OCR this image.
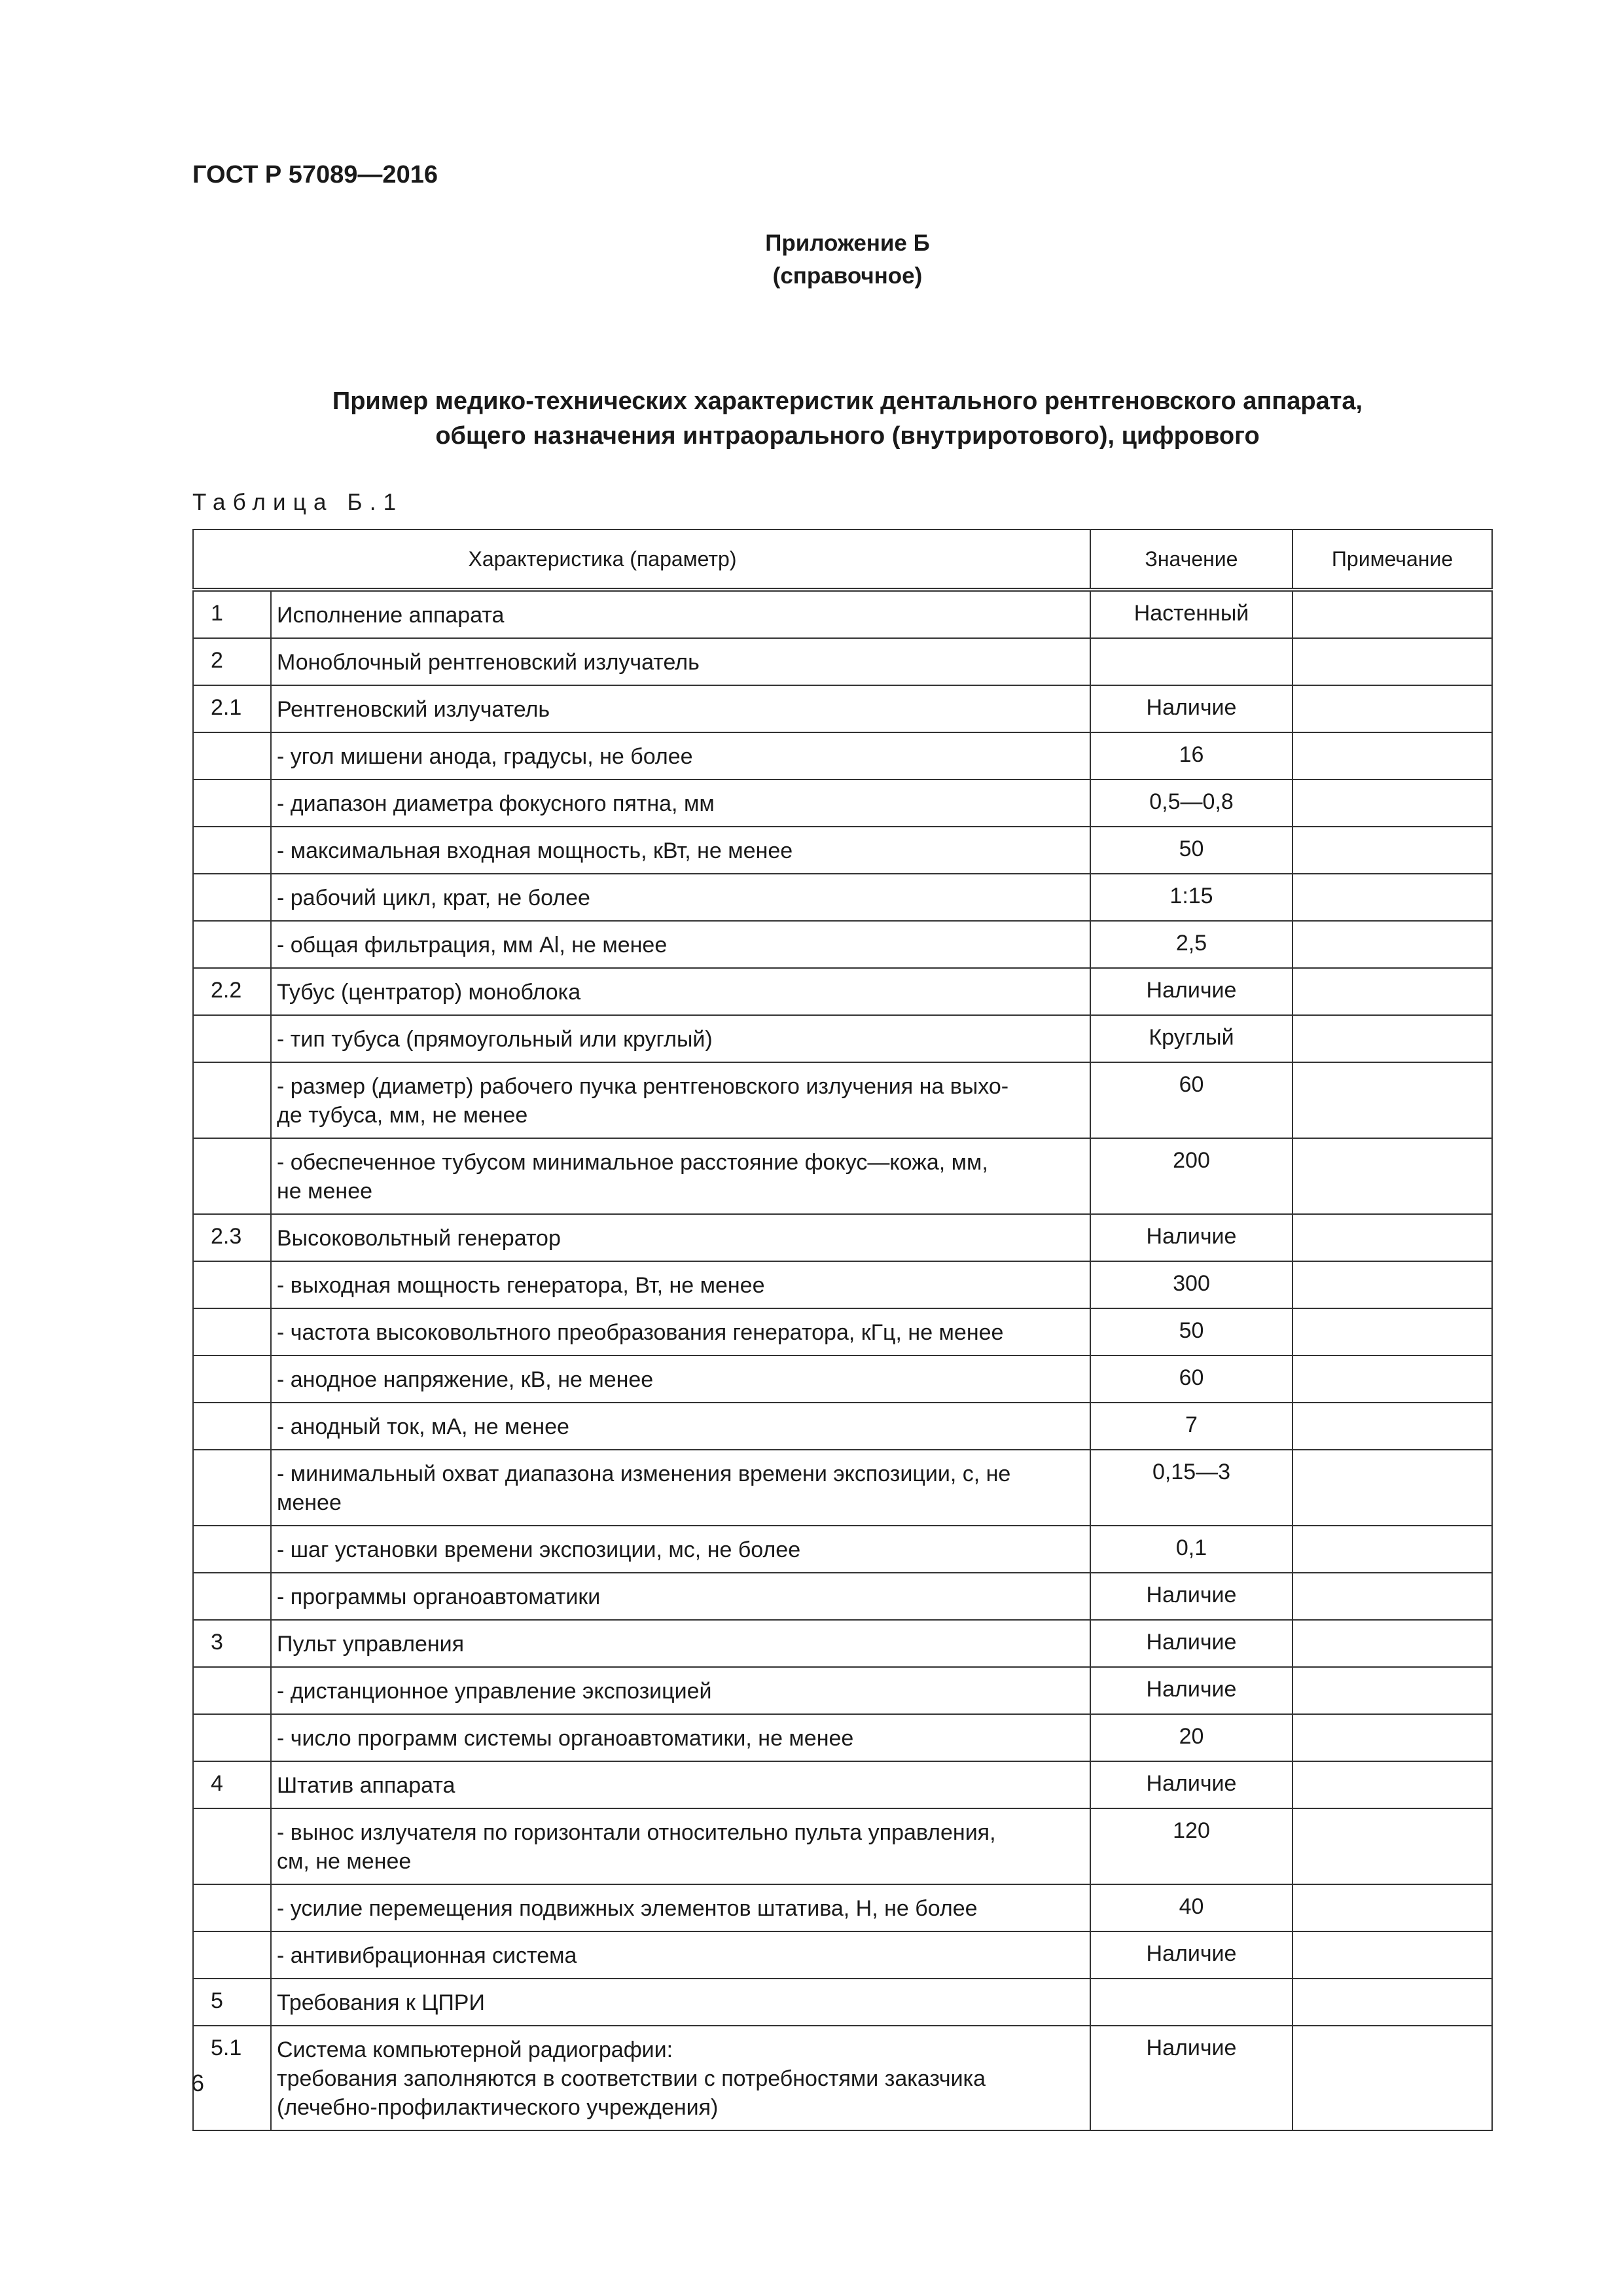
ГОСТ Р 57089—2016
Приложение Б
(справочное)
Пример медико-технических характеристик дентального рентгеновского аппарата,
общего назначения интраорального (внутриротового), цифрового
Таблица Б.1
Характеристика (параметр)		Значение	Примечание
1	Исполнение аппарата	Настенный	
2	Моноблочный рентгеновский излучатель		

2.1	Рентгеновский излучатель	Наличие	

	- угол мишени анода, градусы, не более	16	

	- диапазон диаметра фокусного пятна, мм	0,5—0,8	

	- максимальная входная мощность, кВт, не менее	50	

	- рабочий цикл, крат, не более	1:15	

	- общая фильтрация, мм Al, не менее	2,5	
2.2	Тубус (центратор) моноблока	Наличие	

	- тип тубуса (прямоугольный или круглый)	Круглый	

	- размер (диаметр) рабочего пучка рентгеновского излучения на выхо-
де тубуса, мм, не менее	60	

	- обеспеченное тубусом минимальное расстояние фокус—кожа, мм,
не менее	200	
2.3	Высоковольтный генератор	Наличие	

	- выходная мощность генератора, Вт, не менее	300	

	- частота высоковольтного преобразования генератора, кГц, не менее	50	

	- анодное напряжение, кВ, не менее	60	

	- анодный ток, мА, не менее	7	

	- минимальный охват диапазона изменения времени экспозиции, с, не
менее	0,15—3	

	- шаг установки времени экспозиции, мс, не более	0,1	

	- программы органоавтоматики	Наличие	
3	Пульт управления	Наличие	

	- дистанционное управление экспозицией	Наличие	

	- число программ системы органоавтоматики, не менее	20	
4	Штатив аппарата	Наличие	

	- вынос излучателя по горизонтали относительно пульта управления,
см, не менее	120	

	- усилие перемещения подвижных элементов штатива, Н, не более	40	

	- антивибрационная система	Наличие	
5	Требования к ЦПРИ		

5.1	Система компьютерной радиографии:
требования заполняются в соответствии с потребностями заказчика
(лечебно-профилактического учреждения)	Наличие	
6
